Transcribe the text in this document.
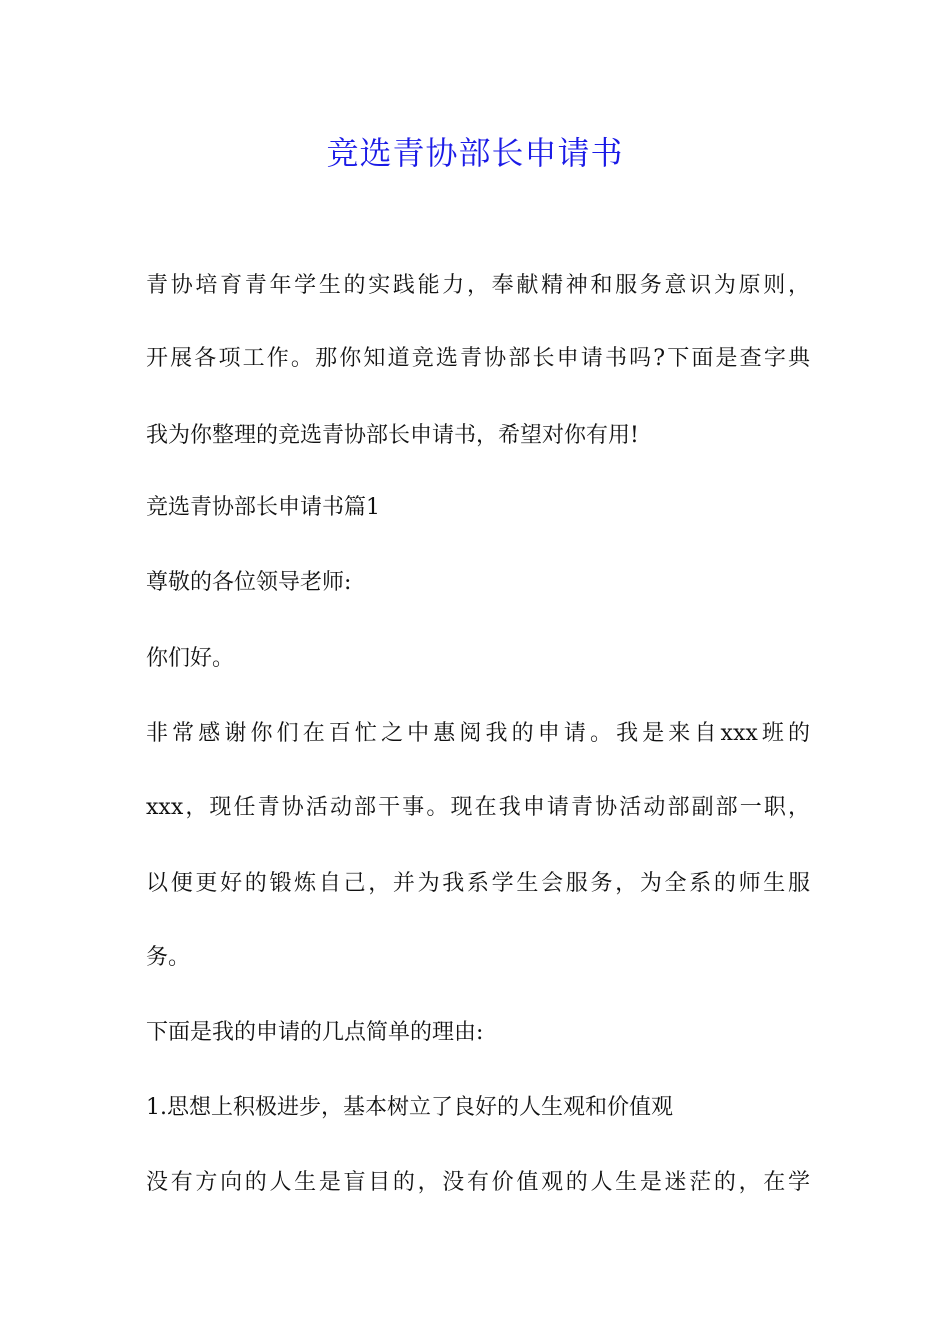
竞选青协部长申请书

青协培育青年学生的实践能力，奉献精神和服务意识为原则，

开展各项工作。那你知道竞选青协部长申请书吗?下面是查字典

我为你整理的竞选青协部长申请书，希望对你有用!

竞选青协部长申请书篇1

尊敬的各位领导老师:

你们好。

非常感谢你们在百忙之中惠阅我的申请。我是来自xxx班的

xxx，现任青协活动部干事。现在我申请青协活动部副部一职，

以便更好的锻炼自己，并为我系学生会服务，为全系的师生服

务。

下面是我的申请的几点简单的理由:

1.思想上积极进步，基本树立了良好的人生观和价值观

没有方向的人生是盲目的，没有价值观的人生是迷茫的，在学
